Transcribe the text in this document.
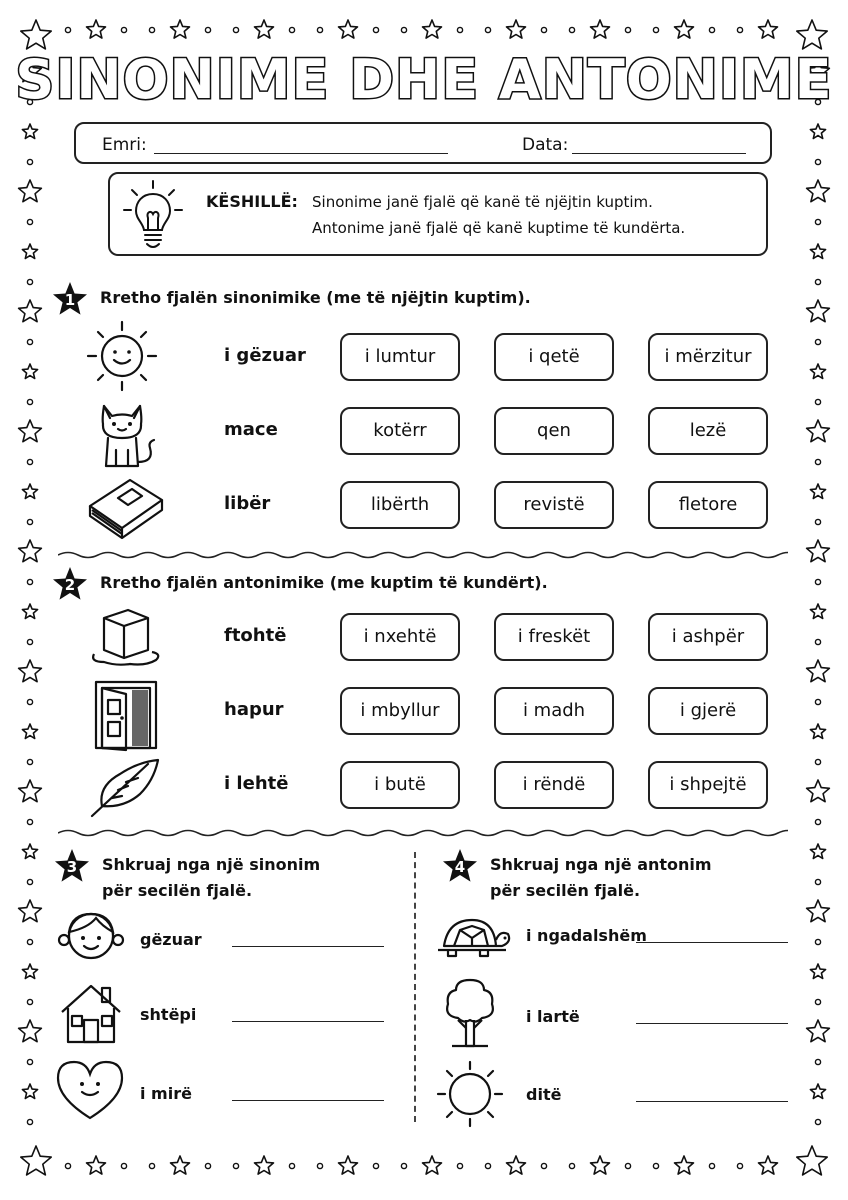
SINONIME DHE ANTONIME
Emri:	Data:
KËSHILLË: Sinonime janë fjalë që kanë të njëjtin kuptim.
Antonime janë fjalë që kanë kuptime të kundërta.
1	Rretho fjalën sinonimike (me të njëjtin kuptim).
i gëzuar	i lumtur	i qetë	i mërzitur
mace	kotërr	qen	lezë
libër	libërth	revistë	fletore
2	Rretho fjalën antonimike (me kuptim të kundërt).
ftohtë	i nxehtë	i freskët	i ashpër
hapur	i mbyllur	i madh	i gjerë
i lehtë	i butë	i rëndë	i shpejtë
3	Shkruaj nga një sinonim
për secilën fjalë.
gëzuar
shtëpi
i mirë
4	Shkruaj nga një antonim
për secilën fjalë.
i ngadalshëm
i lartë
ditë
